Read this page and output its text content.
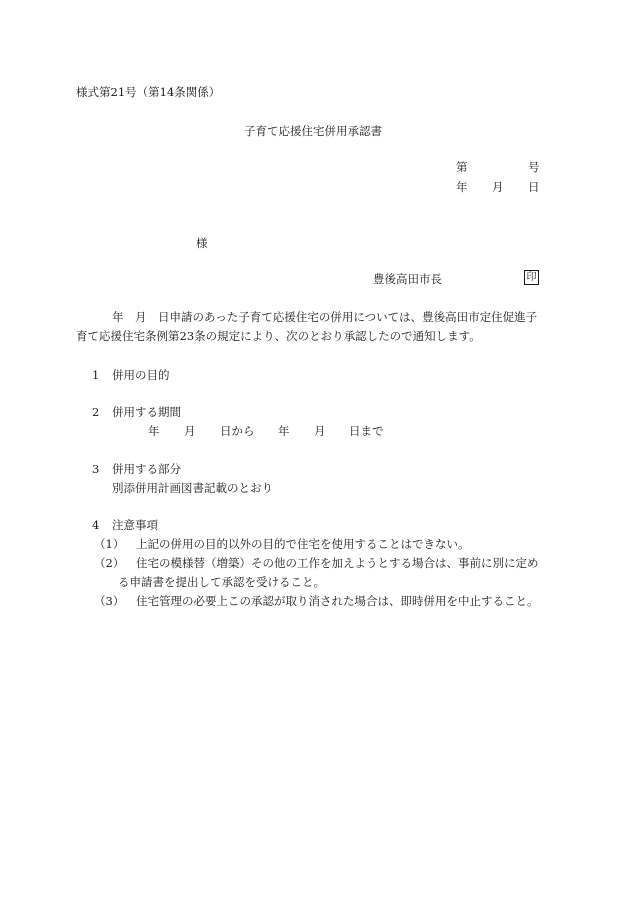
様式第21号（第14条関係）
子育て応援住宅併用承認書
第	号
年 月 日
様
豊後高田市長	印
年　月　日申請のあった子育て応援住宅の併用については、豊後高田市定住促進子
育て応援住宅条例第23条の規定により、次のとおり承認したので通知します。
1 併用の目的
2 併用する期間
年 月 日から 年 月 日まで
3 併用する部分
別添併用計画図書記載のとおり
4 注意事項
（1） 上記の併用の目的以外の目的で住宅を使用することはできない。
（2） 住宅の模様替（増築）その他の工作を加えようとする場合は、事前に別に定め
る申請書を提出して承認を受けること。
（3） 住宅管理の必要上この承認が取り消された場合は、即時併用を中止すること。
